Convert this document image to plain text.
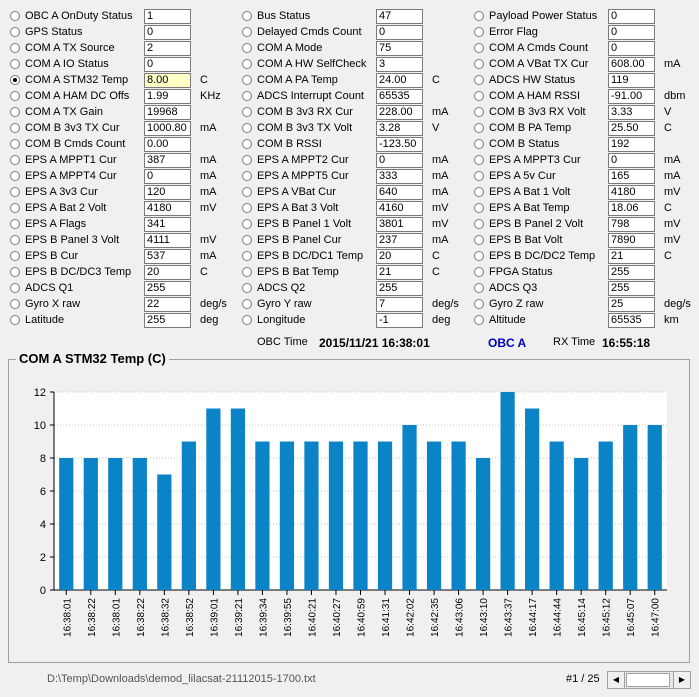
OBC A OnDuty Status 1
GPS Status	0
COM A TX Source	2
COM A IO Status	0
COM A STM32 Temp 8.00	C
COM A HAM DC Offs 1.99	KHz
COM A TX Gain	19968
COM B 3v3 TX Cur 1000.80	mA
COM B Cmds Count 0.00
EPS A MPPT1 Cur	387	mA
EPS A MPPT4 Cur	0	mA
EPS A 3v3 Cur	120	mA
EPS A Bat 2 Volt	4180	mV
EPS A Flags	341
EPS B Panel 3 Volt	4111	mV
EPS B Cur	537	mA
EPS B DC/DC3 Temp 20	C
ADCS Q1	255
Gyro X raw	22	deg/s
Latitude	255	deg
Bus Status	47
Delayed Cmds Count 0
COM A Mode	75
COM A HW SelfCheck 3
COM A PA Temp	24.00	C
ADCS Interrupt Count 65535
COM B 3v3 RX Cur 228.00	mA
COM B 3v3 TX Volt 3.28	V
COM B RSSI	-123.50
EPS A MPPT2 Cur	0	mA
EPS A MPPT5 Cur	333	mA
EPS A VBat Cur	640	mA
EPS A Bat 3 Volt	4160	mV
EPS B Panel 1 Volt	3801	mV
EPS B Panel Cur	237	mA
EPS B DC/DC1 Temp 20	C
EPS B Bat Temp	21	C
ADCS Q2	255
Gyro Y raw	7	deg/s
Longitude	-1	deg
Payload Power Status 0
Error Flag	0
COM A Cmds Count 0
COM A VBat TX Cur 608.00	mA
ADCS HW Status	119
COM A HAM RSSI	-91.00	dbm
COM B 3v3 RX Volt 3.33	V
COM B PA Temp	25.50	C
COM B Status	192
EPS A MPPT3 Cur	0	mA
EPS A 5v Cur	165	mA
EPS A Bat 1 Volt	4180	mV
EPS A Bat Temp	18.06	C
EPS B Panel 2 Volt	798	mV
EPS B Bat Volt	7890	mV
EPS B DC/DC2 Temp 21	C
FPGA Status	255
ADCS Q3	255
Gyro Z raw	25	deg/s
Altitude	65535	km
OBC Time 2015/11/21 16:38:01	OBC A RX Time 16:55:18
COM A STM32 Temp (C)
0
2
4
6
8
10
12
16:38:01 16:38:22 16:38:01 16:38:22 16:38:32 16:38:52 16:39:01 16:39:21 16:39:34 16:39:55 16:40:21 16:40:27 16:40:59 16:41:31 16:42:02 16:42:35 16:43:06 16:43:10 16:43:37 16:44:17 16:44:44 16:45:14 16:45:12 16:45:07 16:47:00
D:\Temp\Downloads\demod_lilacsat-21112015-1700.txt	#1 / 25	◀	▶
